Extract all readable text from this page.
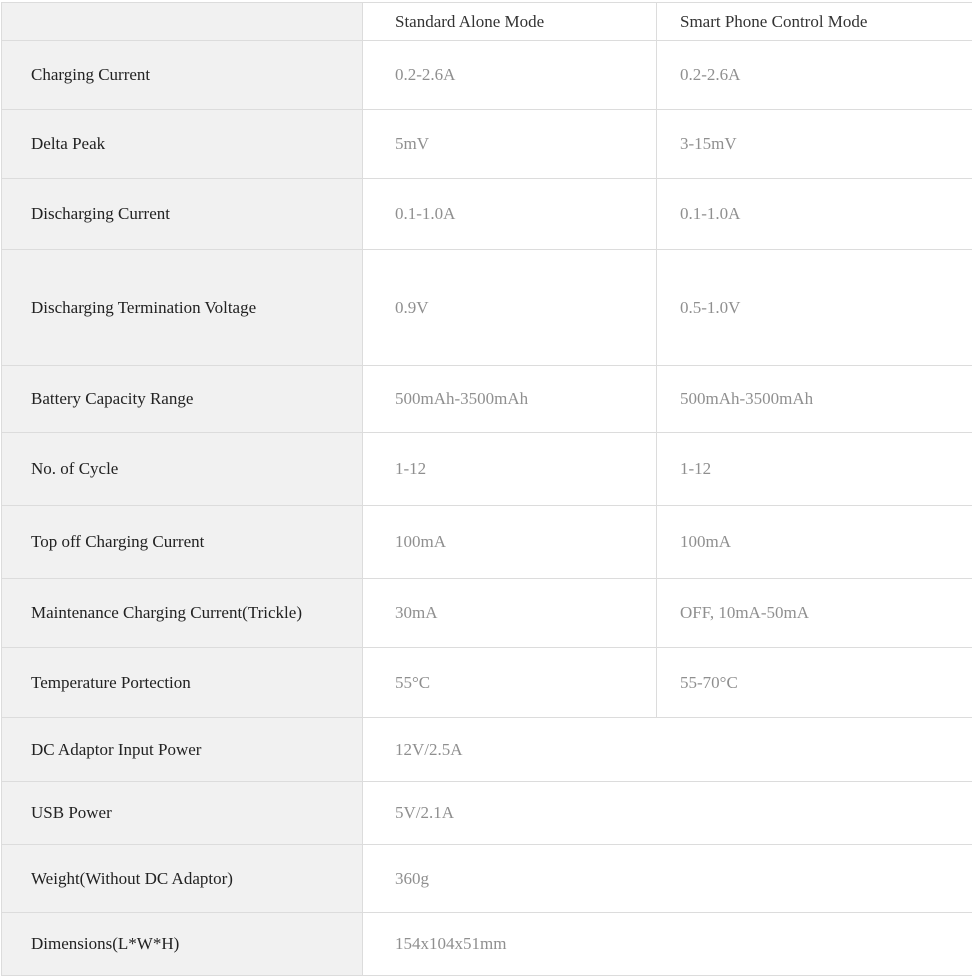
	Standard Alone Mode	Smart Phone Control Mode
Charging Current	0.2-2.6A	0.2-2.6A
Delta Peak	5mV	3-15mV
Discharging Current	0.1-1.0A	0.1-1.0A
Discharging Termination Voltage	0.9V	0.5-1.0V
Battery Capacity Range	500mAh-3500mAh	500mAh-3500mAh
No. of Cycle	1-12	1-12
Top off Charging Current	100mA	100mA
Maintenance Charging Current(Trickle)	30mA	OFF, 10mA-50mA
Temperature Portection	55°C	55-70°C
DC Adaptor Input Power	12V/2.5A	
USB Power	5V/2.1A	
Weight(Without DC Adaptor)	360g	
Dimensions(L*W*H)	154x104x51mm	
